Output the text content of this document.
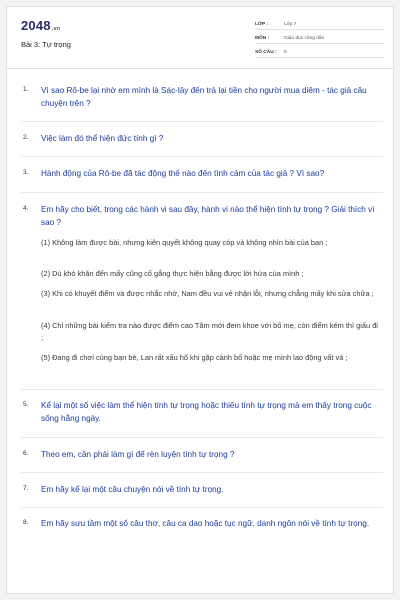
2048.vn
Bài 3: Tự trọng
LỚP :	Lớp 7
MÔN :	Giáo dục công dân
SỐ CÂU :	8
1. Vì sao Rô-be lại nhờ em mình là Sác-lây đến trả lại tiền cho người mua diêm - tác giả câu chuyện trên ?
2. Việc làm đó thể hiện đức tính gì ?
3. Hành động của Rô-be đã tác động thế nào đến tình cảm của tác giả ? Vì sao?
4. Em hãy cho biết, trong các hành vi sau đây, hành vi nào thể hiện tính tự trọng ? Giải thích vì sao ?
(1) Không làm được bài, nhưng kiên quyết không quay cóp và không nhìn bài của bạn ;
(2) Dù khó khăn đến mấy cũng cố gắng thực hiện bằng được lời hứa của mình ;
(3) Khi có khuyết điểm và được nhắc nhở, Nam đều vui vẻ nhận lỗi, nhưng chẳng mấy khi sửa chữa ;
(4) Chỉ những bài kiểm tra nào được điểm cao Tâm mới đem khoe với bố mẹ, còn điểm kém thì giấu đi ;
(5) Đang đi chơi cùng bạn bè, Lan rất xấu hổ khi gặp cảnh bố hoặc mẹ mình lao động vất vả ;
5. Kể lại một số việc làm thể hiện tính tự trọng hoặc thiếu tính tự trọng mà em thấy trong cuộc sống hằng ngày.
6. Theo em, cần phải làm gì để rèn luyện tính tự trọng ?
7. Em hãy kể lại một câu chuyện nói về tính tự trọng.
8. Em hãy sưu tầm một số câu thơ, câu ca dao hoặc tục ngữ, danh ngôn nói về tính tự trọng.
